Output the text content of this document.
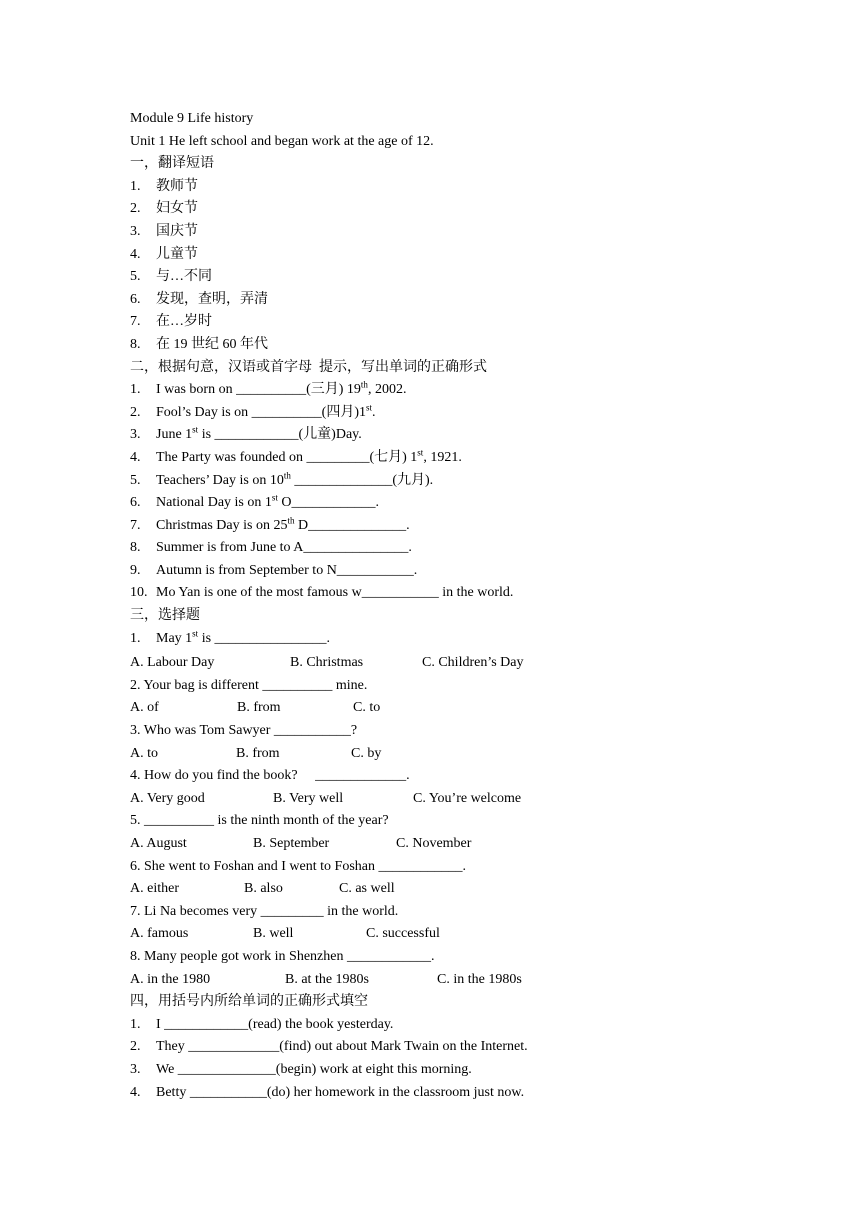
Module 9 Life history
Unit 1 He left school and began work at the age of 12.
一，翻译短语
1. 教师节
2. 妇女节
3. 国庆节
4. 儿童节
5. 与…不同
6. 发现，查明，弄清
7. 在…岁时
8. 在 19 世纪 60 年代
二，根据句意，汉语或首字母  提示，写出单词的正确形式
1. I was born on __________(三月) 19th, 2002.
2. Fool’s Day is on __________(四月)1st.
3. June 1st is ____________(儿童)Day.
4. The Party was founded on _________(七月) 1st, 1921.
5. Teachers’ Day is on 10th ______________(九月).
6. National Day is on 1st O____________.
7. Christmas Day is on 25th D______________.
8. Summer is from June to A_______________.
9. Autumn is from September to N___________.
10. Mo Yan is one of the most famous w___________ in the world.
三，选择题
1. May 1st is ________________.
A. Labour Day	B. Christmas	C. Children’s Day
2. Your bag is different __________ mine.
A. of	B. from	C. to
3. Who was Tom Sawyer ___________?
A. to	B. from	C. by
4. How do you find the book?     _____________.
A. Very good	B. Very well	C. You’re welcome
5. __________ is the ninth month of the year?
A. August	B. September	C. November
6. She went to Foshan and I went to Foshan ____________.
A. either	B. also	C. as well
7. Li Na becomes very _________ in the world.
A. famous	B. well	C. successful
8. Many people got work in Shenzhen ____________.
A. in the 1980	B. at the 1980s	C. in the 1980s
四，用括号内所给单词的正确形式填空
1. I ____________(read) the book yesterday.
2. They _____________(find) out about Mark Twain on the Internet.
3. We ______________(begin) work at eight this morning.
4. Betty ___________(do) her homework in the classroom just now.
